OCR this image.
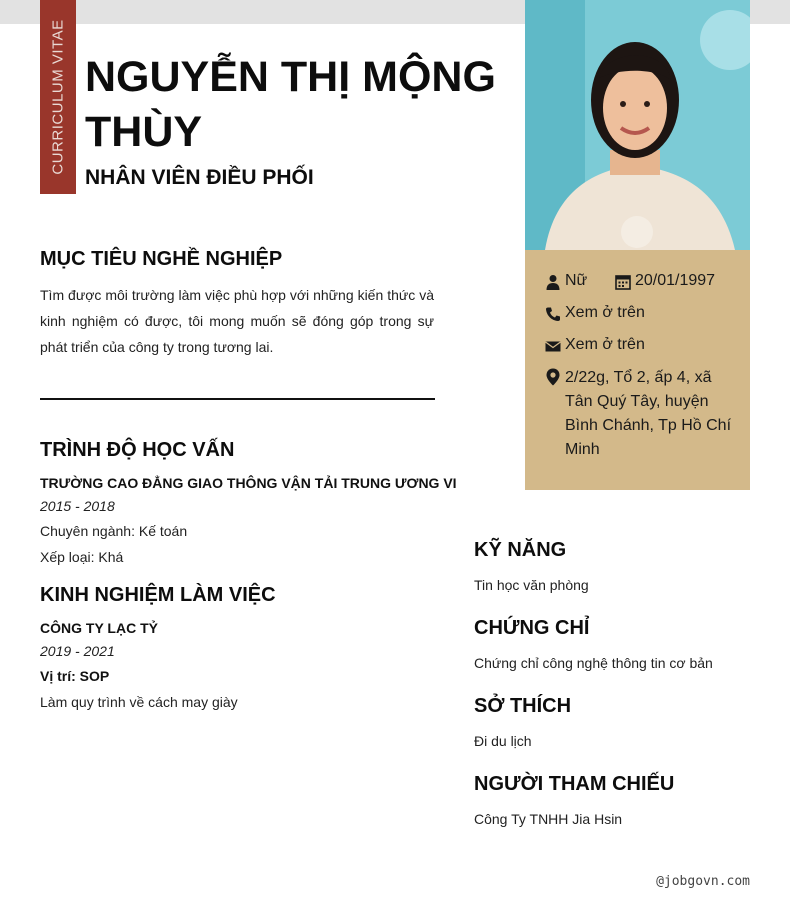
CURRICULUM VITAE NGUYỄN THỊ MỘNG THÙY
NHÂN VIÊN ĐIỀU PHỐI
MỤC TIÊU NGHỀ NGHIỆP
Tìm được môi trường làm việc phù hợp với những kiến thức và kinh nghiệm có được, tôi mong muốn sẽ đóng góp trong sự phát triển của công ty trong tương lai.
TRÌNH ĐỘ HỌC VẤN
TRƯỜNG CAO ĐẲNG GIAO THÔNG VẬN TẢI TRUNG ƯƠNG VI
2015 - 2018
Chuyên ngành: Kế toán
Xếp loại: Khá
KINH NGHIỆM LÀM VIỆC
CÔNG TY LẠC TỶ
2019 - 2021
Vị trí: SOP
Làm quy trình về cách may giày
Nữ	20/01/1997
Xem ở trên
Xem ở trên
2/22g, Tổ 2, ấp 4, xã Tân Quý Tây, huyện Bình Chánh, Tp Hồ Chí Minh
KỸ NĂNG
Tin học văn phòng
CHỨNG CHỈ
Chứng chỉ công nghệ thông tin cơ bản
SỞ THÍCH
Đi du lịch
NGƯỜI THAM CHIẾU
Công Ty TNHH Jia Hsin
@jobgovn.com
